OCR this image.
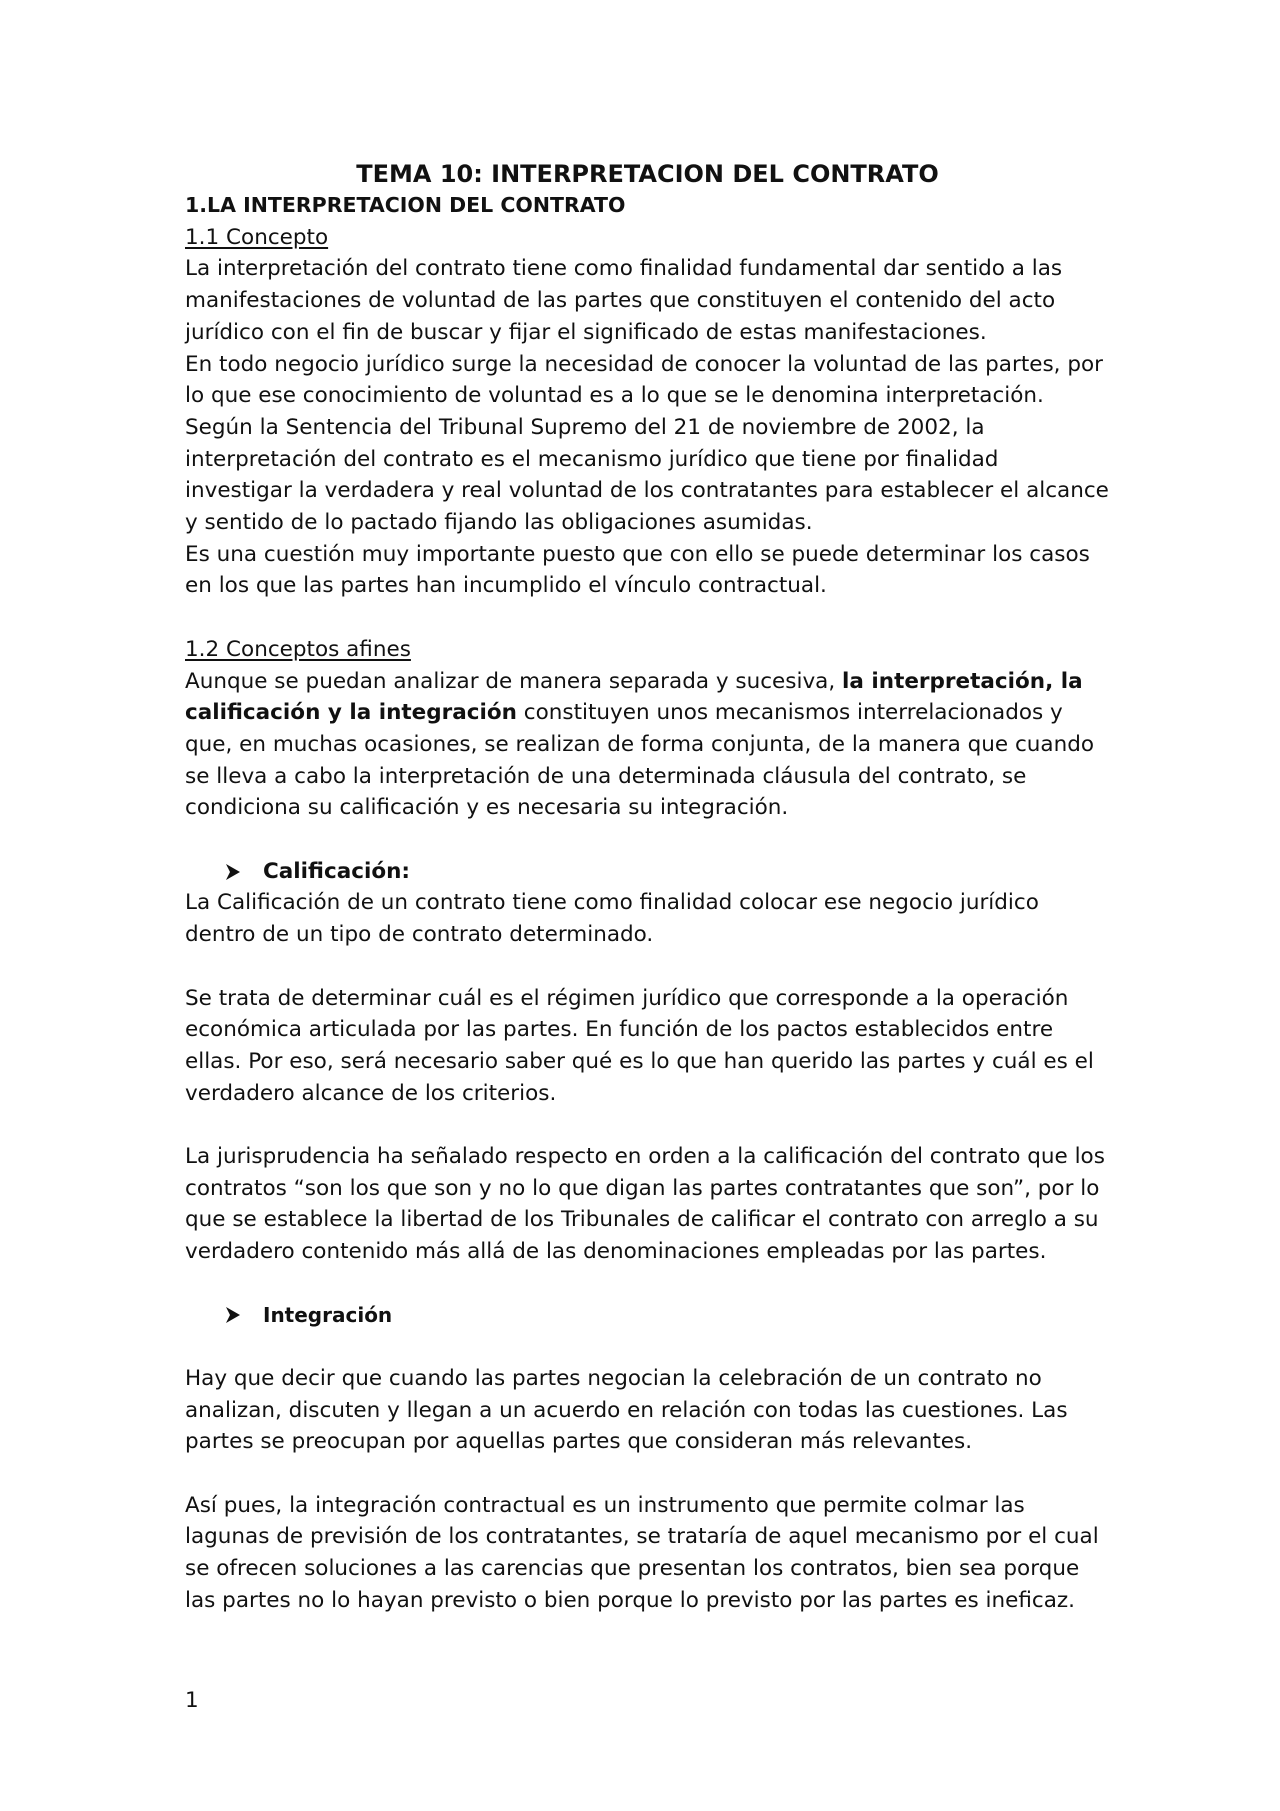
TEMA 10: INTERPRETACION DEL CONTRATO

1.LA INTERPRETACION DEL CONTRATO

1.1 Concepto

La interpretación del contrato tiene como finalidad fundamental dar sentido a las manifestaciones de voluntad de las partes que constituyen el contenido del acto jurídico con el fin de buscar y fijar el significado de estas manifestaciones.

En todo negocio jurídico surge la necesidad de conocer la voluntad de las partes, por lo que ese conocimiento de voluntad es a lo que se le denomina interpretación.

Según la Sentencia del Tribunal Supremo del 21 de noviembre de 2002, la interpretación del contrato es el mecanismo jurídico que tiene por finalidad investigar la verdadera y real voluntad de los contratantes para establecer el alcance y sentido de lo pactado fijando las obligaciones asumidas.

Es una cuestión muy importante puesto que con ello se puede determinar los casos en los que las partes han incumplido el vínculo contractual.

1.2 Conceptos afines

Aunque se puedan analizar de manera separada y sucesiva, la interpretación, la calificación y la integración constituyen unos mecanismos interrelacionados y que, en muchas ocasiones, se realizan de forma conjunta, de la manera que cuando se lleva a cabo la interpretación de una determinada cláusula del contrato, se condiciona su calificación y es necesaria su integración.

Calificación:

La Calificación de un contrato tiene como finalidad colocar ese negocio jurídico dentro de un tipo de contrato determinado.

Se trata de determinar cuál es el régimen jurídico que corresponde a la operación económica articulada por las partes. En función de los pactos establecidos entre ellas. Por eso, será necesario saber qué es lo que han querido las partes y cuál es el verdadero alcance de los criterios.

La jurisprudencia ha señalado respecto en orden a la calificación del contrato que los contratos “son los que son y no lo que digan las partes contratantes que son”, por lo que se establece la libertad de los Tribunales de calificar el contrato con arreglo a su verdadero contenido más allá de las denominaciones empleadas por las partes.

Integración

Hay que decir que cuando las partes negocian la celebración de un contrato no analizan, discuten y llegan a un acuerdo en relación con todas las cuestiones. Las partes se preocupan por aquellas partes que consideran más relevantes.

Así pues, la integración contractual es un instrumento que permite colmar las lagunas de previsión de los contratantes, se trataría de aquel mecanismo por el cual se ofrecen soluciones a las carencias que presentan los contratos, bien sea porque las partes no lo hayan previsto o bien porque lo previsto por las partes es ineficaz.

1
